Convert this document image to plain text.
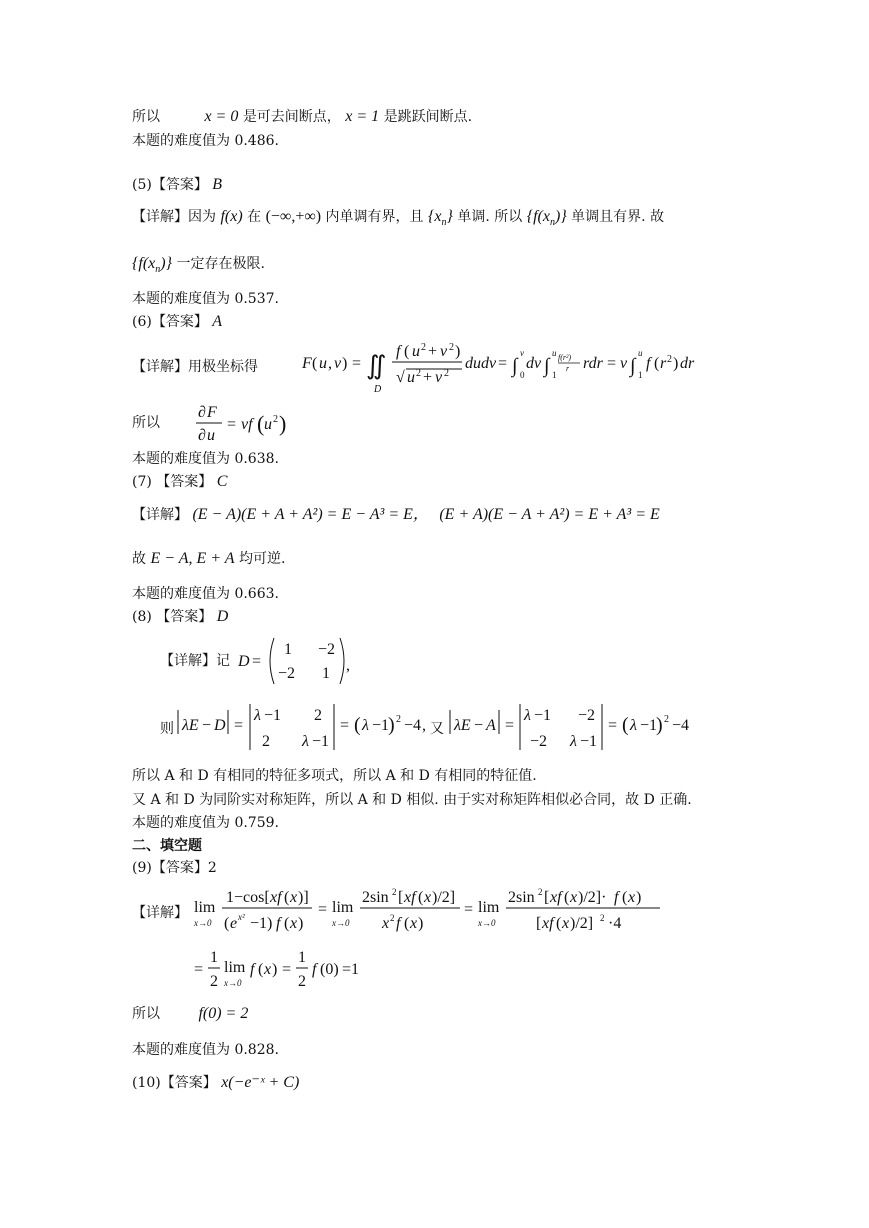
所以	x = 0 是可去间断点， x = 1 是跳跃间断点.
本题的难度值为 0.486.
(5)【答案】 B
【详解】因为 f(x) 在 (−∞,+∞) 内单调有界，且 $\{x_n\}$ 单调. 所以 $\{f(x_n)\}$ 单调且有界. 故
$\{f(x_n)\}$ 一定存在极限.
本题的难度值为 0.537.
(6)【答案】 A
【详解】用极坐标得	F ( u , v ) = ∬
D
f ( u 2 + v 2 )
√ u 2 + v 2
dudv = ∫
v
0
dv ∫
u
1
f(r²)
r rdr = v ∫
u
1
f ( r 2 ) dr
所以
∂ F
∂ u
= vf ( u 2 )
本题的难度值为 0.638.
(7) 【答案】 C
【详解】 (E − A)(E + A + A²) = E − A³ = E， (E + A)(E − A + A²) = E + A³ = E
故 E − A, E + A 均可逆.
本题的难度值为 0.663.
(8) 【答案】 D
【详解】记 D =
1 −2
−2 1 ,
则 λE − D =
λ −1 2
2 λ −1
= ( λ −1
) 2 −4 , 又 λE − A =
λ −1 −2
−2 λ −1
= ( λ −1
) 2 −4
所以 A 和 D 有相同的特征多项式，所以 A 和 D 有相同的特征值.
又 A 和 D 为同阶实对称矩阵，所以 A 和 D 相似. 由于实对称矩阵相似必合同，故 D 正确.
本题的难度值为 0.759.
二、填空题
(9)【答案】2
【详解】 lim
x→0
1−cos[ xf ( x )]
( e x² −1) f ( x )
= lim
x→0
2sin 2 [ xf ( x )/2]
x 2 f ( x )
= lim
x→0
2sin 2 [ xf ( x )/2]· f ( x )
[ xf ( x )/2] 2 ·4
=
1
2
lim
x→0
f ( x ) =
1
2
f (0) =1
所以 f(0) = 2
本题的难度值为 0.828.
(10)【答案】 x(−e⁻ˣ + C)
